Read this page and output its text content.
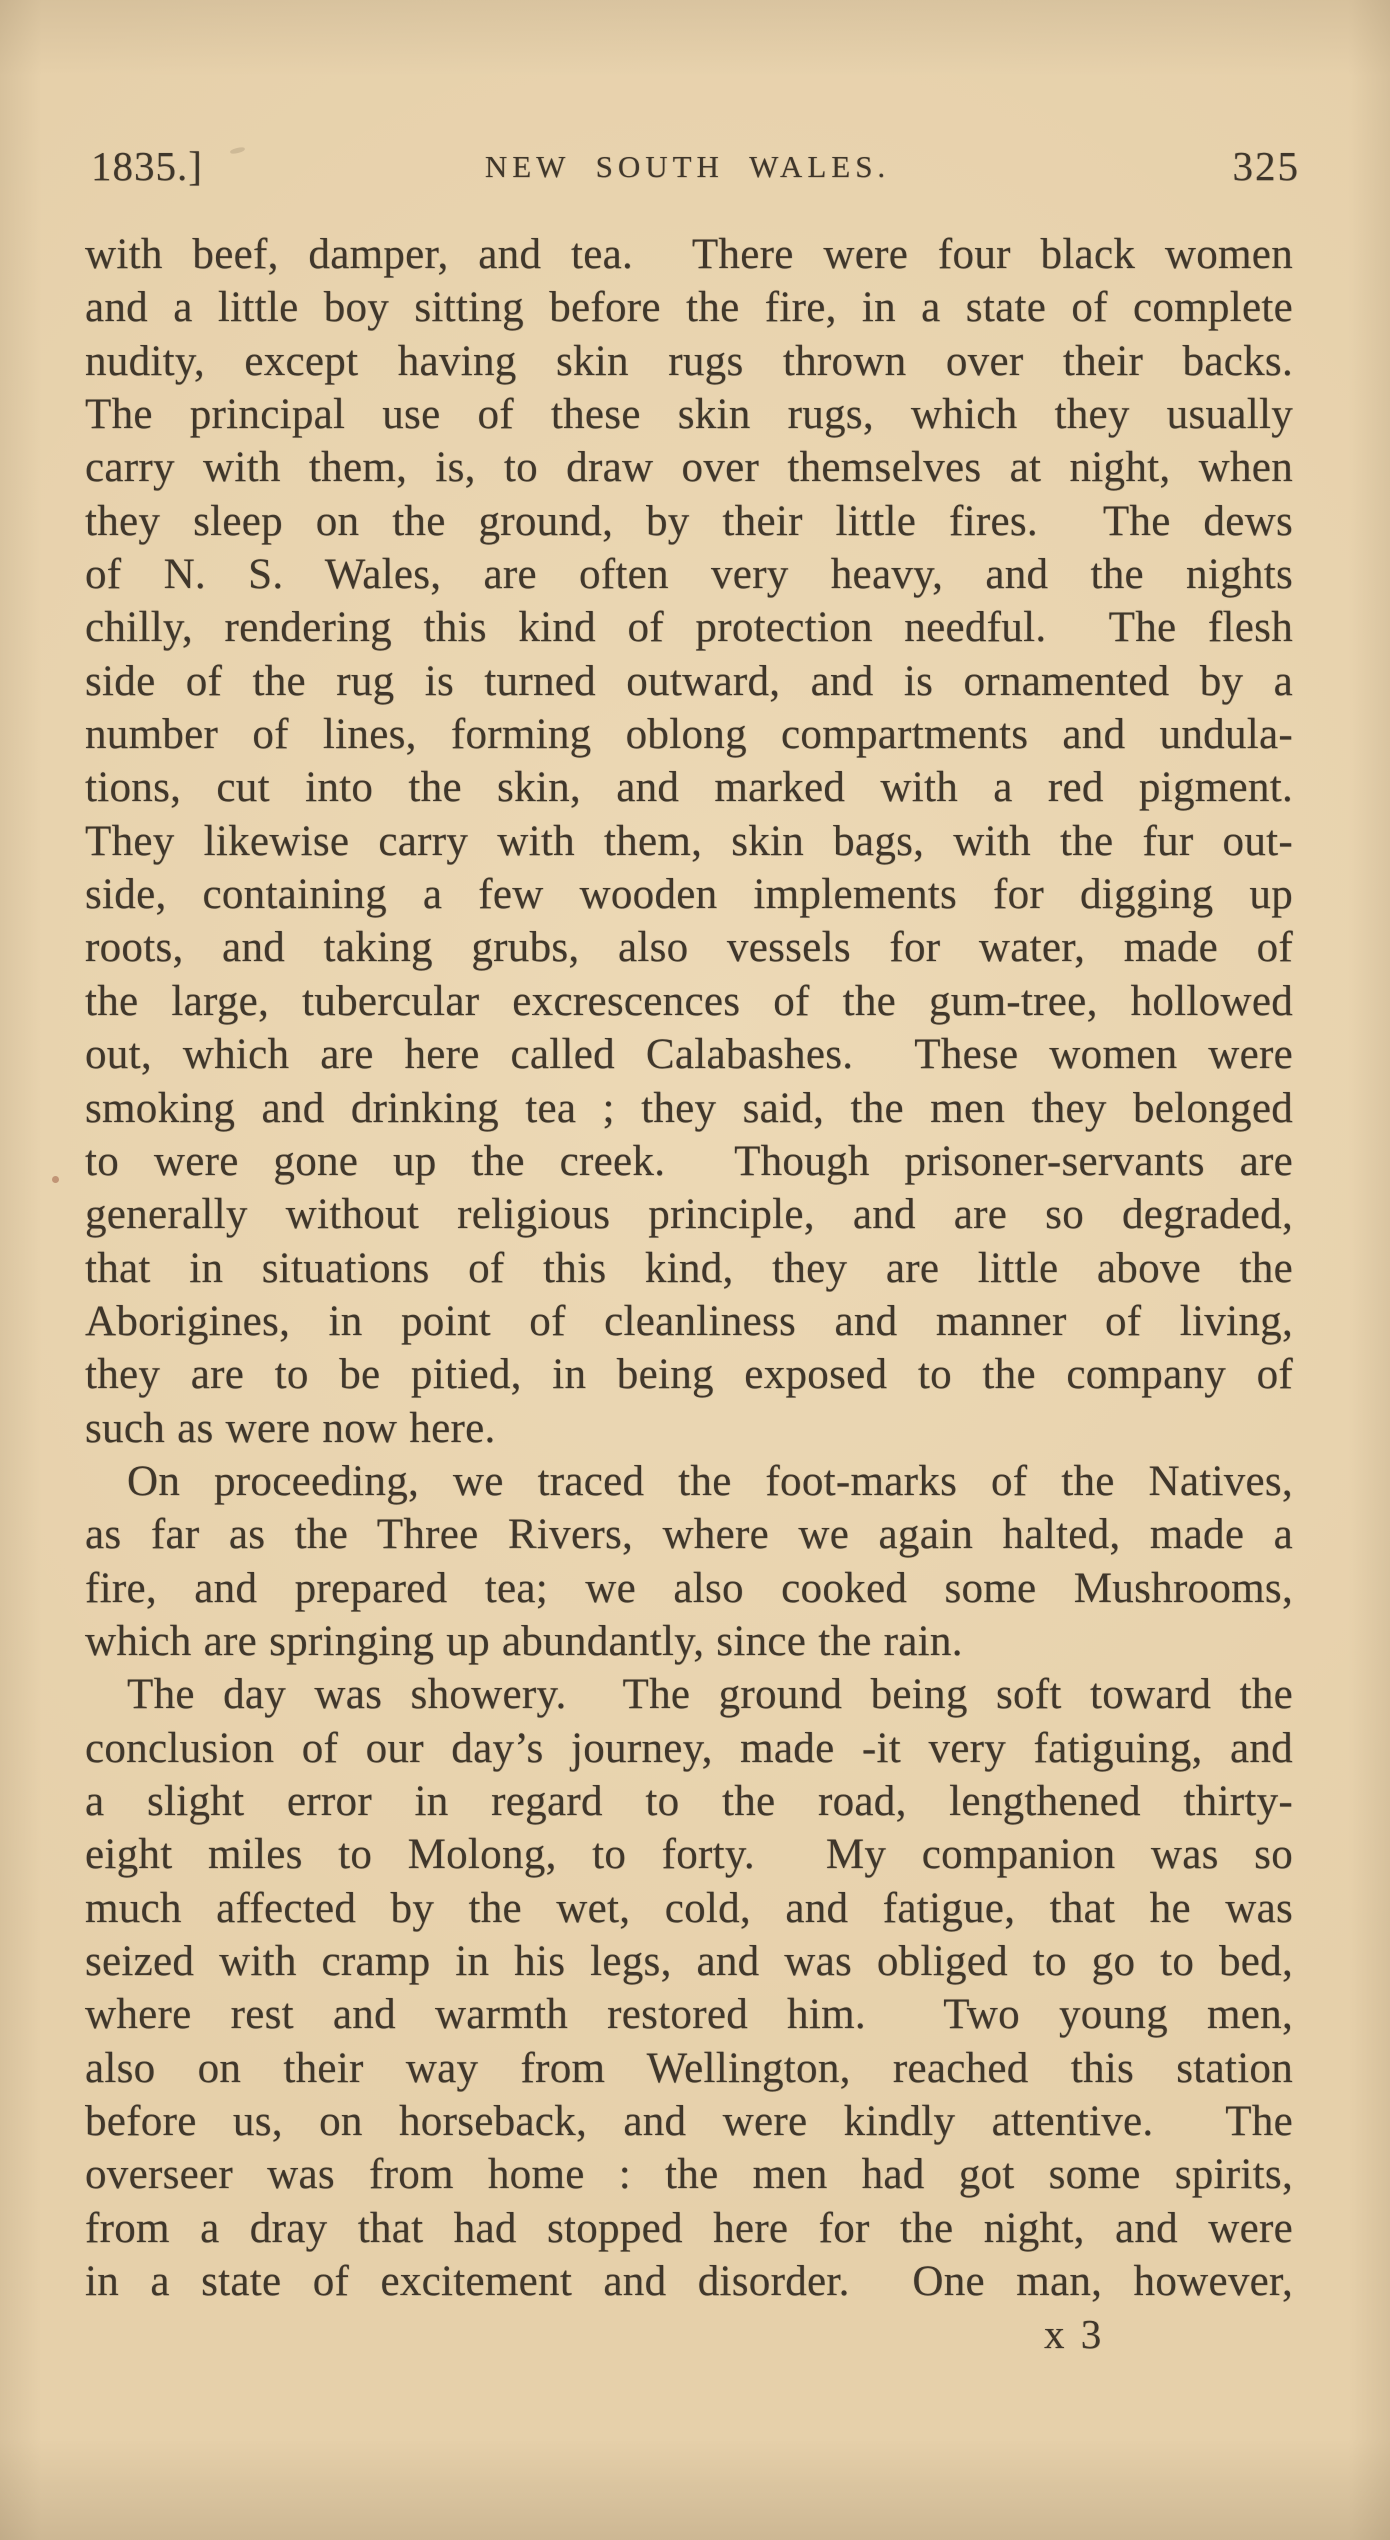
1835.]	NEW SOUTH WALES.	325
with beef, damper, and tea.  There were four black women
and a little boy sitting before the fire, in a state of complete
nudity, except having skin rugs thrown over their backs.
The principal use of these skin rugs, which they usually
carry with them, is, to draw over themselves at night, when
they sleep on the ground, by their little fires.  The dews
of N. S. Wales, are often very heavy, and the nights
chilly, rendering this kind of protection needful.  The flesh
side of the rug is turned outward, and is ornamented by a
number of lines, forming oblong compartments and undula-
tions, cut into the skin, and marked with a red pigment.
They likewise carry with them, skin bags, with the fur out-
side, containing a few wooden implements for digging up
roots, and taking grubs, also vessels for water, made of
the large, tubercular excrescences of the gum-tree, hollowed
out, which are here called Calabashes.  These women were
smoking and drinking tea ; they said, the men they belonged
to were gone up the creek.  Though prisoner-servants are
generally without religious principle, and are so degraded,
that in situations of this kind, they are little above the
Aborigines, in point of cleanliness and manner of living,
they are to be pitied, in being exposed to the company of
such as were now here.
On proceeding, we traced the foot-marks of the Natives,
as far as the Three Rivers, where we again halted, made a
fire, and prepared tea; we also cooked some Mushrooms,
which are springing up abundantly, since the rain.
The day was showery.  The ground being soft toward the
conclusion of our day’s journey, made -it very fatiguing, and
a slight error in regard to the road, lengthened thirty-
eight miles to Molong, to forty.  My companion was so
much affected by the wet, cold, and fatigue, that he was
seized with cramp in his legs, and was obliged to go to bed,
where rest and warmth restored him.  Two young men,
also on their way from Wellington, reached this station
before us, on horseback, and were kindly attentive.  The
overseer was from home : the men had got some spirits,
from a dray that had stopped here for the night, and were
in a state of excitement and disorder.  One man, however,
x 3
